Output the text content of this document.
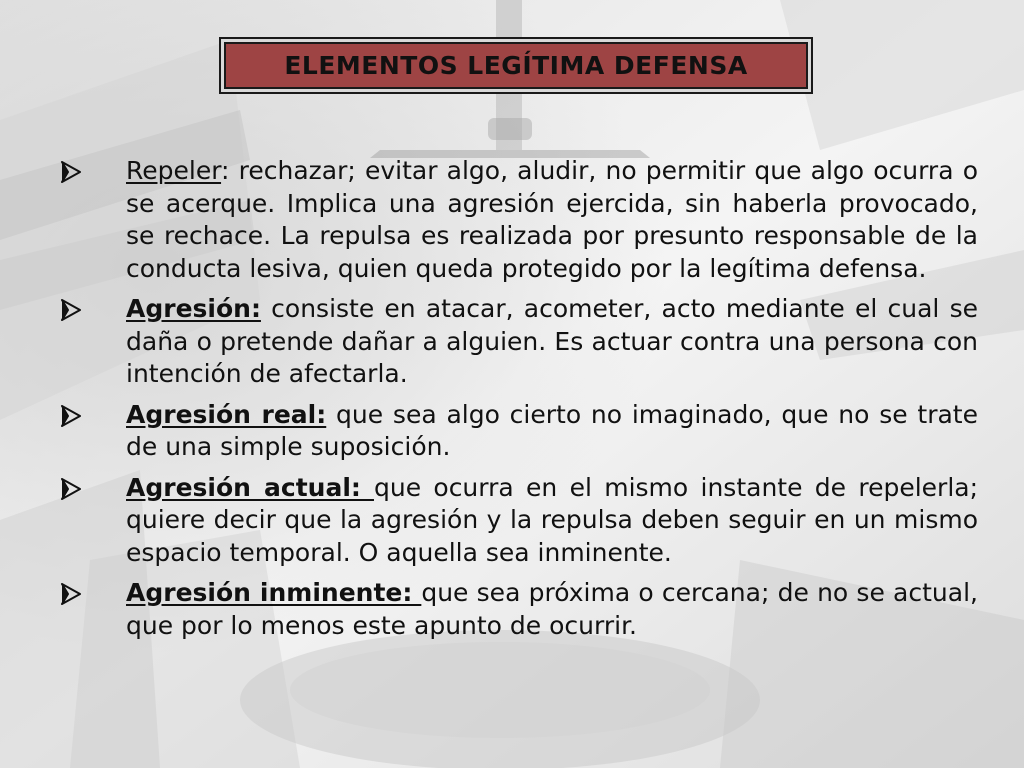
ELEMENTOS LEGÍTIMA DEFENSA
Repeler: rechazar; evitar algo, aludir, no permitir que algo ocurra o se acerque. Implica una agresión ejercida, sin haberla provocado, se rechace. La repulsa es realizada por presunto responsable de la conducta lesiva, quien queda protegido por la legítima defensa.
Agresión: consiste en atacar, acometer, acto mediante el cual se daña o pretende dañar a alguien. Es actuar contra una persona con intención de afectarla.
Agresión real: que sea algo cierto no imaginado, que no se trate de una simple suposición.
Agresión actual: que ocurra en el mismo instante de repelerla; quiere decir que la agresión y la repulsa deben seguir en un mismo espacio temporal. O aquella sea inminente.
Agresión inminente: que sea próxima o cercana; de no se actual, que por lo menos este apunto de ocurrir.
